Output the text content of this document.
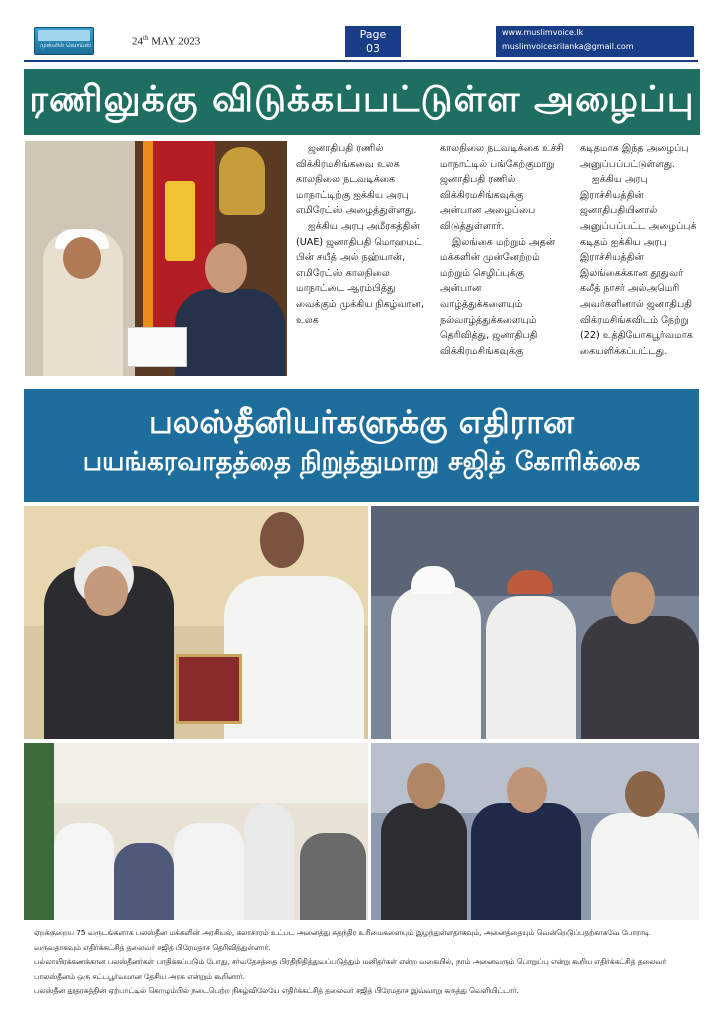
முஸ்லிம் வொய்ஸ்	24th MAY 2023
Page
03
www.muslimvoice.lk
muslimvoicesrilanka@gmail.com
ரணிலுக்கு விடுக்கப்பட்டுள்ள அழைப்பு

ஜனாதிபதி ரணில் விக்கிரமசிங்கவை உலக காலநிலை நடவடிக்கை மாநாட்டிற்கு ஐக்கிய அரபு எமிரேட்ஸ் அழைத்துள்ளது.

ஐக்கிய அரபு அமீரகத்தின் (UAE) ஜனாதிபதி மொஹமட் பின் சயீத் அல் நஹ்யான், எமிரேட்ஸ் காலநிலை மாநாட்டை ஆரம்பித்து வைக்கும் முக்கிய நிகழ்வான, உலக

காலநிலை நடவடிக்கை உச்சி மாநாட்டில் பங்கேற்குமாறு ஜனாதிபதி ரணில் விக்கிரமசிங்கவுக்கு அன்பான அழைப்பை விடுத்துள்ளார்.

இலங்கை மற்றும் அதன் மக்களின் முன்னேற்றம் மற்றும் செழிப்புக்கு அன்பான வாழ்த்துக்களையும் நல்வாழ்த்துக்களையும் தெரிவித்து, ஜனாதிபதி விக்கிரமசிங்கவுக்கு

கடிதமாக இந்த அழைப்பு அனுப்பப்பட்டுள்ளது.

ஐக்கிய அரபு இராச்சியத்தின் ஜனாதிபதியினால் அனுப்பப்பட்ட அழைப்புக் கடிதம் ஐக்கிய அரபு இராச்சியத்தின் இலங்கைக்கான தூதுவர் கலீத் நாசர் அல்அமெரி அவர்களினால் ஜனாதிபதி விக்ரமசிங்கவிடம் நேற்று (22) உத்தியோகபூர்வமாக கையளிக்கப்பட்டது.

பலஸ்தீனியர்களுக்கு எதிரான
பயங்கரவாதத்தை நிறுத்துமாறு சஜித் கோரிக்கை

ஏறக்குறைய 75 வருடங்களாக பலஸ்தீன மக்களின் அரசியல், கலாசாரம் உட்பட அனைத்து சுதந்திர உரிமைகளையும் இழந்துள்ளதாகவும், அனைத்தையும் வென்றெடுப்பதற்காகவே போராடி வருவதாகவும் எதிர்க்கட்சித் தலைவர் சஜித் பிரேமதாச தெரிவித்துள்ளார்.

பல்லாயிரக்கணக்கான பலஸ்தீனர்கள் பாதிக்கப்படும் போது, சர்வதேசத்தை பிரதிநிதித்துவப்படுத்தும் மனிதர்கள் என்ற வகையில், நாம் அனைவரும் பொறுப்பு என்று கூறிய எதிர்க்கட்சித் தலைவர் பாலஸ்தீனம் ஒரு சட்டபூர்வமான தேசிய அரசு என்றும் கூறினார்.

பலஸ்தீன தூதரகத்தின் ஏற்பாட்டில் கொழும்பில் நடைபெற்ற நிகழ்விலேயே எதிர்க்கட்சித் தலைவர் சஜித் பிரேமதாச இவ்வாறு கருத்து வெளியிட்டார்.
